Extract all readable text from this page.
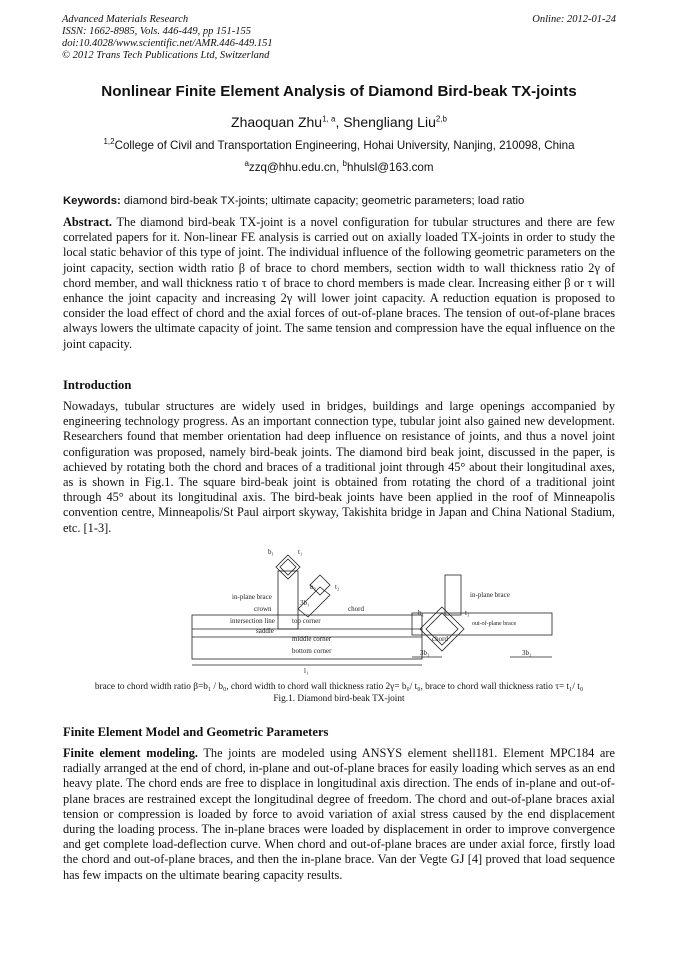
Advanced Materials Research
ISSN: 1662-8985, Vols. 446-449, pp 151-155
doi:10.4028/www.scientific.net/AMR.446-449.151
© 2012 Trans Tech Publications Ltd, Switzerland
Online: 2012-01-24
Nonlinear Finite Element Analysis of Diamond Bird-beak TX-joints
Zhaoquan Zhu$^{1, a}$, Shengliang Liu$^{2,b}$
$^{1,2}$College of Civil and Transportation Engineering, Hohai University, Nanjing, 210098, China
$^a$zzq@hhu.edu.cn, $^b$hhulsl@163.com
Keywords: diamond bird-beak TX-joints; ultimate capacity; geometric parameters; load ratio
Abstract. The diamond bird-beak TX-joint is a novel configuration for tubular structures and there are few correlated papers for it. Non-linear FE analysis is carried out on axially loaded TX-joints in order to study the local static behavior of this type of joint. The individual influence of the following geometric parameters on the joint capacity, section width ratio β of brace to chord members, section width to wall thickness ratio 2γ of chord member, and wall thickness ratio τ of brace to chord members is made clear. Increasing either β or τ will enhance the joint capacity and increasing 2γ will lower joint capacity. A reduction equation is proposed to consider the load effect of chord and the axial forces of out-of-plane braces. The tension of out-of-plane braces always lowers the ultimate capacity of joint. The same tension and compression have the equal influence on the joint capacity.
Introduction
Nowadays, tubular structures are widely used in bridges, buildings and large openings accompanied by engineering technology progress. As an important connection type, tubular joint also gained new development. Researchers found that member orientation had deep influence on resistance of joints, and thus a novel joint configuration was proposed, namely bird-beak joints. The diamond bird beak joint, discussed in the paper, is achieved by rotating both the chord and braces of a traditional joint through 45° about their longitudinal axes, as is shown in Fig.1. The square bird-beak joint is obtained from rotating the chord of a traditional joint through 45° about its longitudinal axis. The bird-beak joints have been applied in the roof of Minneapolis convention centre, Minneapolis/St Paul airport skyway, Takishita bridge in Japan and China National Stadium, etc. [1-3].
b₁	t₁
b₂	t₂
in-plane brace
crown
3b₁
chord
intersection line top corner
saddle
middle corner
bottom corner
l₁
b₁	t₁
in-plane brace
out-of-plane brace
chord
3b₁	3b₁
brace to chord width ratio β=b₁ / b₀, chord width to chord wall thickness ratio 2γ= b₀/ t₀, brace to chord wall thickness ratio τ= t₁/ t₀
Fig.1. Diamond bird-beak TX-joint
Finite Element Model and Geometric Parameters
Finite element modeling. The joints are modeled using ANSYS element shell181. Element MPC184 are radially arranged at the end of chord, in-plane and out-of-plane braces for easily loading which serves as an end heavy plate. The chord ends are free to displace in longitudinal axis direction. The ends of in-plane and out-of-plane braces are restrained except the longitudinal degree of freedom. The chord and out-of-plane braces axial tension or compression is loaded by force to avoid variation of axial stress caused by the end displacement during the loading process. The in-plane braces were loaded by displacement in order to improve convergence and get complete load-deflection curve. When chord and out-of-plane braces are under axial force, firstly load the chord and out-of-plane braces, and then the in-plane brace. Van der Vegte GJ [4] proved that load sequence has few impacts on the ultimate bearing capacity results.
